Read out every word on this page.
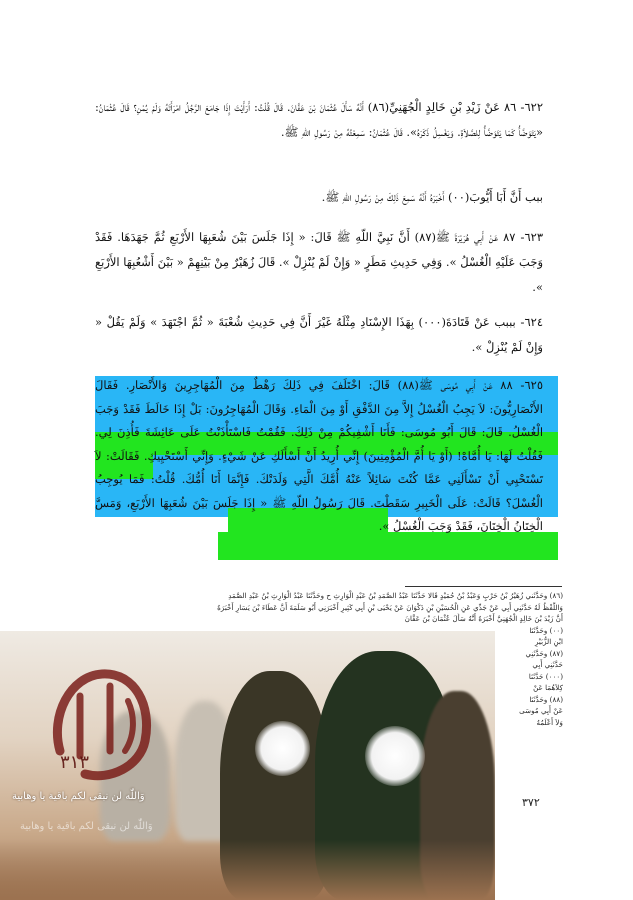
٦٢٢- ٨٦ عَنْ زَيْدِ بْنِ خَالِدٍ الْجُهَنِيِّ(٨٦) أَنَّهُ سَأَلَ عُثْمَانَ بْنَ عَفَّانَ. قَالَ قُلْتُ: أَرَأَيْتَ إِذَا جَامَعَ الرَّجُلُ امْرَأَتَهُ وَلَمْ يُمْنِ؟ قَالَ عُثْمَانُ: «يَتَوَضَّأُ كَمَا يَتَوَضَّأُ لِلصَّلاَةِ. وَيَغْسِلُ ذَكَرَهُ». قَالَ عُثْمَانُ: سَمِعْتُهُ مِنْ رَسُولِ اللّهِ ﷺ.
ﺑﺒﺐ أَنَّ أَبَا أَيُّوبَ(٠٠) أَخْبَرَهُ أَنَّهُ سَمِعَ ذَلِكَ مِنْ رَسُولِ اللّهِ ﷺ.
٦٢٣- ٨٧ عَنْ أَبِي هُرَيْرَةَ ﷺ(٨٧) أَنَّ نَبِيَّ اللّهِ ﷺ قَالَ: « إِذَا جَلَسَ بَيْنَ شُعَبِهَا الأَرْبَعِ ثُمَّ جَهَدَهَا. فَقَدْ وَجَبَ عَلَيْهِ الْغُسْلُ ». وَفِي حَدِيثِ مَطَرٍ « وَإِنْ لَمْ يُنْزِلْ ». قَالَ زُهَيْرٌ مِنْ بَيْنِهِمْ « بَيْنَ أَشْعُبِهَا الأَرْبَعِ ».
٦٢٤- ﺑﺒﺒﺐ عَنْ قَتَادَةَ(٠٠٠) بِهَذَا الإِسْنَادِ مِثْلَهُ غَيْرَ أَنَّ فِي حَدِيثِ شُعْبَةَ « ثُمَّ اجْتَهَدَ » وَلَمْ يَقُلْ « وَإِنْ لَمْ يُنْزِلْ ».
٦٢٥- ٨٨ عَنْ أَبِي مُوسَى ﷺ(٨٨) قَالَ: اخْتَلَفَ فِي ذَلِكَ رَهْطٌ مِنَ الْمُهَاجِرِينَ وَالأَنْصَارِ. فَقَالَ الأَنْصَارِيُّونَ: لاَ يَجِبُ الْغُسْلُ إِلاَّ مِنَ الدَّفْقِ أَوْ مِنَ الْمَاءِ. وَقَالَ الْمُهَاجِرُونَ: بَلْ إِذَا خَالَطَ فَقَدْ وَجَبَ الْغُسْلُ. قَالَ: قَالَ أَبُو مُوسَى: فَأَنَا أَشْفِيكُمْ مِنْ ذَلِكَ. فَقُمْتُ فَاسْتَأْذَنْتُ عَلَى عَائِشَةَ فَأُذِنَ لِي. فَقُلْتُ لَهَا: يَا أُمَّاهْ! (أَوْ يَا أُمَّ الْمُؤْمِنِينَ) إِنِّي أُرِيدُ أَنْ أَسْأَلَكِ عَنْ شَيْءٍ. وَإِنِّي أَسْتَحْيِيكِ. فَقَالَتْ: لاَ تَسْتَحْيِي أَنْ تَسْأَلَنِي عَمَّا كُنْتَ سَائِلاً عَنْهُ أُمَّكَ الَّتِي وَلَدَتْكَ. فَإِنَّمَا أَنَا أُمُّكَ. قُلْتُ: فَمَا يُوجِبُ الْغُسْلَ؟ قَالَتْ: عَلَى الْخَبِيرِ سَقَطْتَ. قَالَ رَسُولُ اللّهِ ﷺ « إِذَا جَلَسَ بَيْنَ شُعَبِهَا الأَرْبَعِ، وَمَسَّ الْخِتَانُ الْخِتَانَ، فَقَدْ وَجَبَ الْغُسْلُ ».
(٨٦) وحَدَّثَني زُهَيْرُ بْنُ حَرْبٍ وَعَبْدُ بْنُ حُمَيْدٍ قَالا حَدَّثَنَا عَبْدُ الصَّمَدِ بْنُ عَبْدِ الْوَارِثِ ح وحَدَّثَنَا عَبْدُ الْوَارِثِ بْنُ عَبْدِ الصَّمَدِ
وَاللَّفْظُ لَهُ حَدَّثَنِي أَبِي عَنْ جَدِّي عَنِ الْحُسَيْنِ بْنِ ذَكْوَانَ عَنْ يَحْيَى بْنِ أَبِي كَثِيرٍ أَخْبَرَنِي أَبُو سَلَمَةَ أَنَّ عَطَاءَ بْنَ يَسَارٍ أَخْبَرَهُ
أَنَّ زَيْدَ بْنَ خَالِدٍ الْجُهَنِيَّ أَخْبَرَهُ أَنَّهُ سَأَلَ عُثْمَانَ بْنَ عَفَّانَ
(٠٠) وحَدَّثَنَا
ابْنِ الزُّبَيْرِ
(٨٧) وحَدَّثَنِي
حَدَّثَنِي أَبِي
(٠٠٠) حَدَّثَنَا
كِلاَهُمَا عَنْ
(٨٨) وحَدَّثَنَا
عَنْ أَبِي مُوسَى
وَلاَ أَعْلَمُهُ
٣٧٢
٣١٣
وَاللّٰه لن نبقى لكم باقية يا وهابية
وَاللّٰه لن نبقى لكم باقية يا وهابية
